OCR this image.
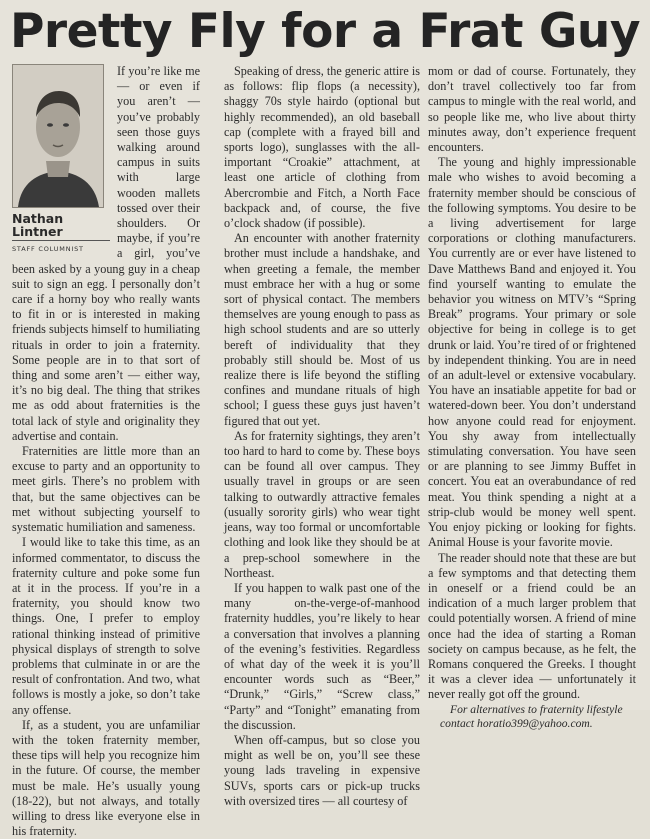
Pretty Fly for a Frat Guy
Nathan
Lintner
STAFF COLUMNIST

If you’re like me — or even if you aren’t — you’ve probably seen those guys walking around campus in suits with large wooden mallets tossed over their shoulders. Or maybe, if you’re a girl, you’ve been asked by a young guy in a cheap suit to sign an egg. I personally don’t care if a horny boy who really wants to fit in or is interested in making friends subjects himself to humiliating rituals in order to join a fraternity. Some people are in to that sort of thing and some aren’t — either way, it’s no big deal. The thing that strikes me as odd about fraternities is the total lack of style and originality they advertise and contain.

Fraternities are little more than an excuse to party and an opportunity to meet girls. There’s no problem with that, but the same objectives can be met without subjecting yourself to systematic humiliation and sameness.

I would like to take this time, as an informed commentator, to discuss the fraternity culture and poke some fun at it in the process. If you’re in a fraternity, you should know two things. One, I prefer to employ rational thinking instead of primitive physical displays of strength to solve problems that culminate in or are the result of confrontation. And two, what follows is mostly a joke, so don’t take any offense.

If, as a student, you are unfamiliar with the token fraternity member, these tips will help you recognize him in the future. Of course, the member must be male. He’s usually young (18-22), but not always, and totally willing to dress like everyone else in his fraternity.

Speaking of dress, the generic attire is as follows: flip flops (a necessity), shaggy 70s style hairdo (optional but highly recommended), an old baseball cap (complete with a frayed bill and sports logo), sunglasses with the all-important “Croakie” attachment, at least one article of clothing from Abercrombie and Fitch, a North Face backpack and, of course, the five o’clock shadow (if possible).

An encounter with another fraternity brother must include a handshake, and when greeting a female, the member must embrace her with a hug or some sort of physical contact. The members themselves are young enough to pass as high school students and are so utterly bereft of individuality that they probably still should be. Most of us realize there is life beyond the stifling confines and mundane rituals of high school; I guess these guys just haven’t figured that out yet.

As for fraternity sightings, they aren’t too hard to hard to come by. These boys can be found all over campus. They usually travel in groups or are seen talking to outwardly attractive females (usually sorority girls) who wear tight jeans, way too formal or uncomfortable clothing and look like they should be at a prep-school somewhere in the Northeast.

If you happen to walk past one of the many on-the-verge-of-manhood fraternity huddles, you’re likely to hear a conversation that involves a planning of the evening’s festivities. Regardless of what day of the week it is you’ll encounter words such as “Beer,” “Drunk,” “Girls,” “Screw class,” “Party” and “Tonight” emanating from the discussion.

When off-campus, but so close you might as well be on, you’ll see these young lads traveling in expensive SUVs, sports cars or pick-up trucks with oversized tires — all courtesy of

mom or dad of course. Fortunately, they don’t travel collectively too far from campus to mingle with the real world, and so people like me, who live about thirty minutes away, don’t experience frequent encounters.

The young and highly impressionable male who wishes to avoid becoming a fraternity member should be conscious of the following symptoms. You desire to be a living advertisement for large corporations or clothing manufacturers. You currently are or ever have listened to Dave Matthews Band and enjoyed it. You find yourself wanting to emulate the behavior you witness on MTV’s “Spring Break” programs. Your primary or sole objective for being in college is to get drunk or laid. You’re tired of or frightened by independent thinking. You are in need of an adult-level or extensive vocabulary. You have an insatiable appetite for bad or watered-down beer. You don’t understand how anyone could read for enjoyment. You shy away from intellectually stimulating conversation. You have seen or are planning to see Jimmy Buffet in concert. You eat an overabundance of red meat. You think spending a night at a strip-club would be money well spent. You enjoy picking or looking for fights. Animal House is your favorite movie.

The reader should note that these are but a few symptoms and that detecting them in oneself or a friend could be an indication of a much larger problem that could potentially worsen. A friend of mine once had the idea of starting a Roman society on campus because, as he felt, the Romans conquered the Greeks. I thought it was a clever idea — unfortunately it never really got off the ground.

For alternatives to fraternity lifestyle contact horatio399@yahoo.com.
